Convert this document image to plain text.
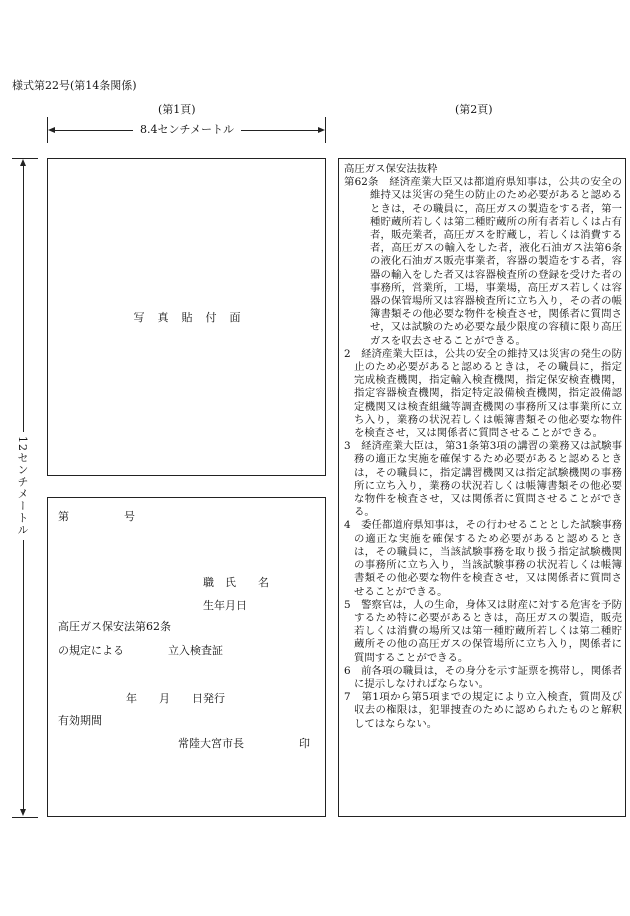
様式第22号(第14条関係)
(第1頁)	(第2頁)
8.4センチメートル
12センチメートル
写　真　貼　付　面
第　　　　　号
職　氏　　名
生年月日
高圧ガス保安法第62条
の規定による　　　　立入検査証
年　　月　　日発行
有効期間
常陸大宮市長　　　　　印
高圧ガス保安法抜粋

第62条　経済産業大臣又は都道府県知事は，公共の安全の維持又は災害の発生の防止のため必要があると認めるときは，その職員に，高圧ガスの製造をする者，第一種貯蔵所若しくは第二種貯蔵所の所有者若しくは占有者，販売業者，高圧ガスを貯蔵し，若しくは消費する者，高圧ガスの輸入をした者，液化石油ガス法第6条の液化石油ガス販売事業者，容器の製造をする者，容器の輸入をした者又は容器検査所の登録を受けた者の事務所，営業所，工場，事業場，高圧ガス若しくは容器の保管場所又は容器検査所に立ち入り，その者の帳簿書類その他必要な物件を検査させ，関係者に質問させ，又は試験のため必要な最少限度の容積に限り高圧ガスを収去させることができる。

2　経済産業大臣は，公共の安全の維持又は災害の発生の防止のため必要があると認めるときは，その職員に，指定完成検査機関，指定輸入検査機関，指定保安検査機関，指定容器検査機関，指定特定設備検査機関，指定設備認定機関又は検査組織等調査機関の事務所又は事業所に立ち入り，業務の状況若しくは帳簿書類その他必要な物件を検査させ，又は関係者に質問させることができる。

3　経済産業大臣は，第31条第3項の講習の業務又は試験事務の適正な実施を確保するため必要があると認めるときは，その職員に，指定講習機関又は指定試験機関の事務所に立ち入り，業務の状況若しくは帳簿書類その他必要な物件を検査させ，又は関係者に質問させることができる。

4　委任都道府県知事は，その行わせることとした試験事務の適正な実施を確保するため必要があると認めるときは，その職員に，当該試験事務を取り扱う指定試験機関の事務所に立ち入り，当該試験事務の状況若しくは帳簿書類その他必要な物件を検査させ，又は関係者に質問させることができる。

5　警察官は，人の生命，身体又は財産に対する危害を予防するため特に必要があるときは，高圧ガスの製造，販売若しくは消費の場所又は第一種貯蔵所若しくは第二種貯蔵所その他の高圧ガスの保管場所に立ち入り，関係者に質問することができる。

6　前各項の職員は，その身分を示す証票を携帯し，関係者に提示しなければならない。

7　第1項から第5項までの規定により立入検査，質問及び収去の権限は，犯罪捜査のために認められたものと解釈してはならない。
